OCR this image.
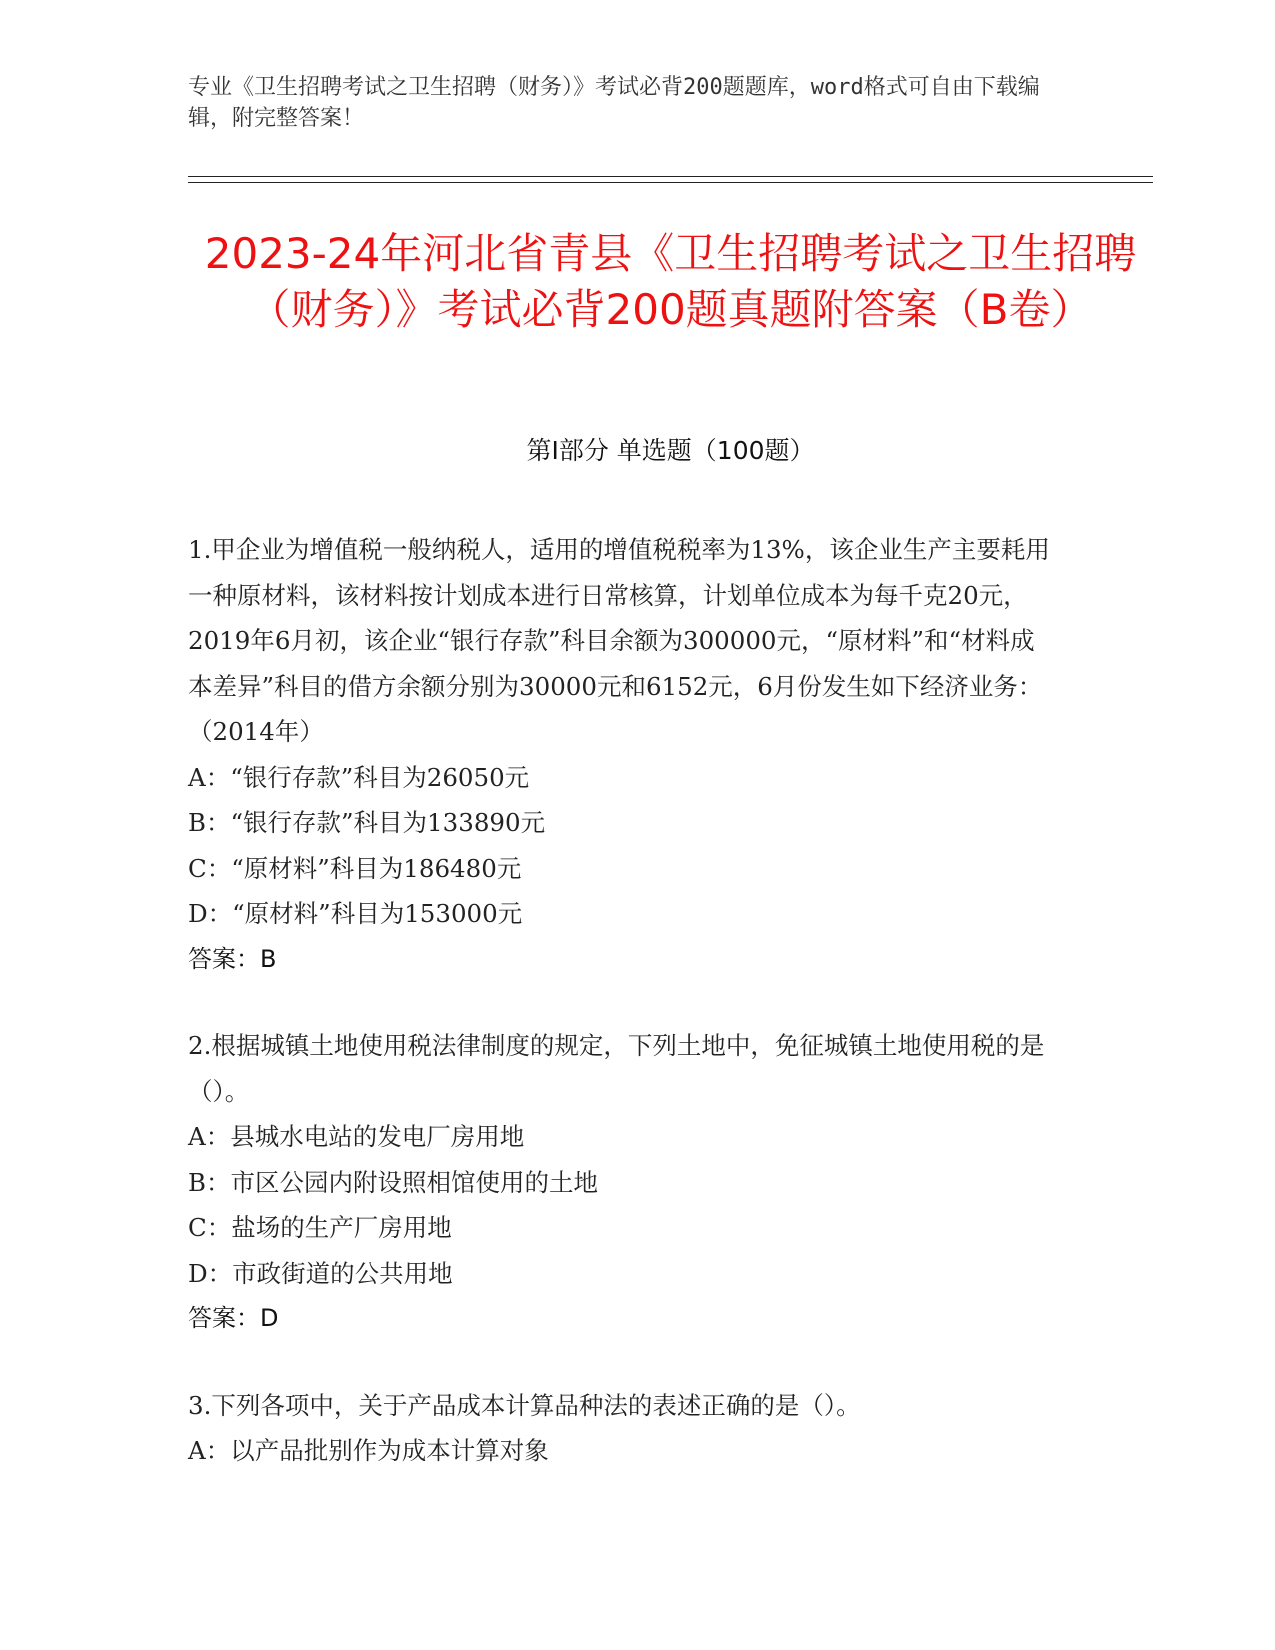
专业《卫生招聘考试之卫生招聘（财务）》考试必背200题题库，word格式可自由下载编辑，附完整答案！
2023-24年河北省青县《卫生招聘考试之卫生招聘（财务）》考试必背200题真题附答案（B卷）
第I部分 单选题（100题）

1.甲企业为增值税一般纳税人，适用的增值税税率为13%，该企业生产主要耗用一种原材料，该材料按计划成本进行日常核算，计划单位成本为每千克20元，2019年6月初，该企业“银行存款”科目余额为300000元，“原材料”和“材料成本差异”科目的借方余额分别为30000元和6152元，6月份发生如下经济业务：（2014年）

A：“银行存款”科目为26050元

B：“银行存款”科目为133890元

C：“原材料”科目为186480元

D：“原材料”科目为153000元

答案：B

2.根据城镇土地使用税法律制度的规定，下列土地中，免征城镇土地使用税的是（）。

A：县城水电站的发电厂房用地

B：市区公园内附设照相馆使用的土地

C：盐场的生产厂房用地

D：市政街道的公共用地

答案：D

3.下列各项中，关于产品成本计算品种法的表述正确的是（）。

A：以产品批别作为成本计算对象
